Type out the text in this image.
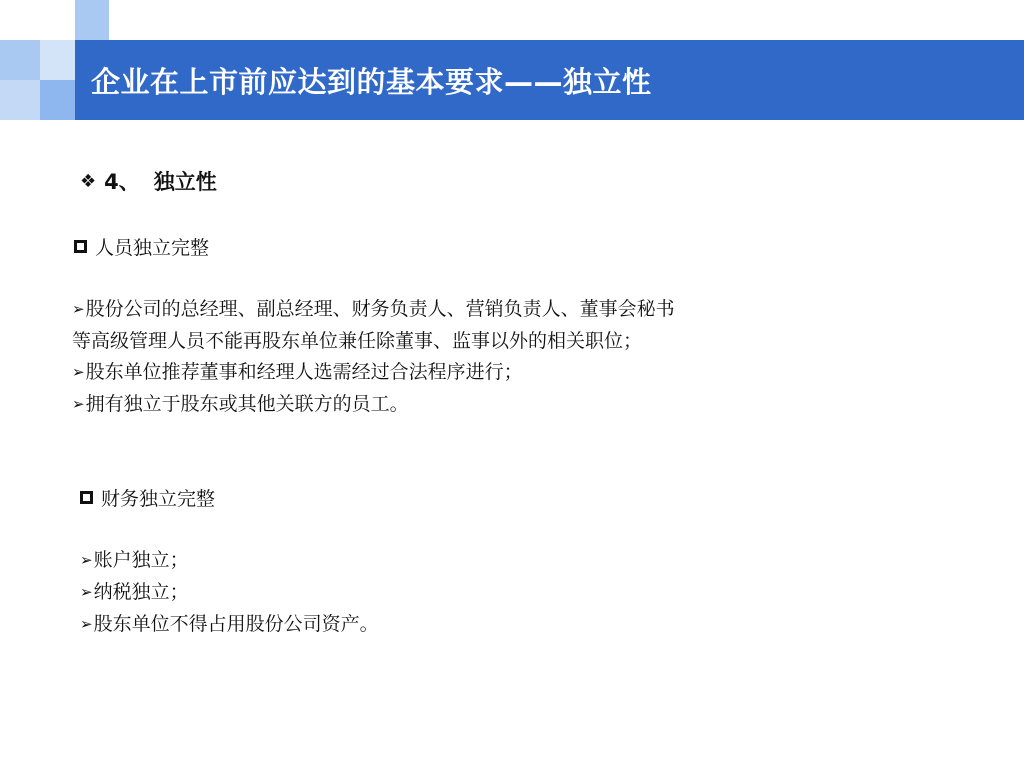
企业在上市前应达到的基本要求——独立性
❖ 4、 独立性
人员独立完整
➢股份公司的总经理、副总经理、财务负责人、营销负责人、董事会秘书
等高级管理人员不能再股东单位兼任除董事、监事以外的相关职位；
➢股东单位推荐董事和经理人选需经过合法程序进行；
➢拥有独立于股东或其他关联方的员工。
财务独立完整
➢账户独立；
➢纳税独立；
➢股东单位不得占用股份公司资产。
